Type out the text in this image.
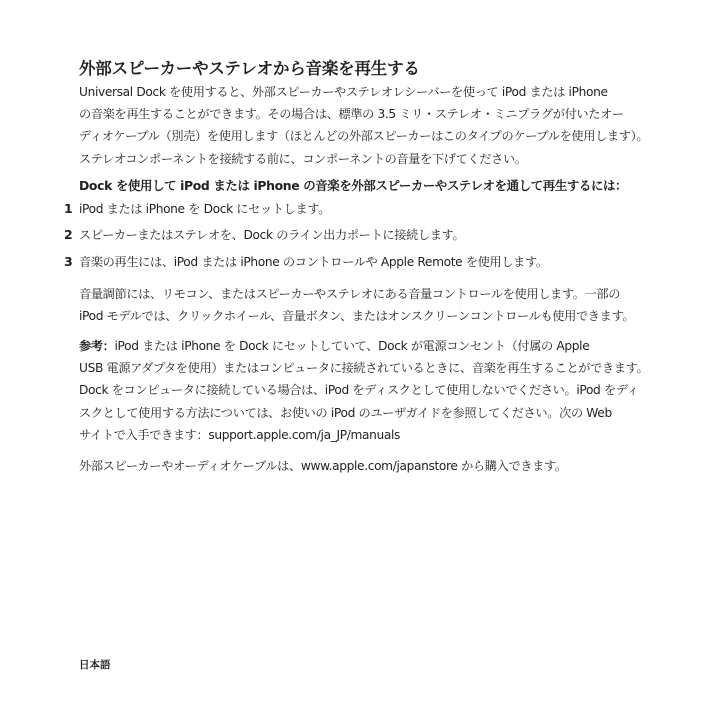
外部スピーカーやステレオから音楽を再生する
Universal Dock を使用すると、外部スピーカーやステレオレシーバーを使って iPod または iPhone
の音楽を再生することができます。その場合は、標準の 3.5 ミリ・ステレオ・ミニプラグが付いたオー
ディオケーブル（別売）を使用します（ほとんどの外部スピーカーはこのタイプのケーブルを使用します）。
ステレオコンポーネントを接続する前に、コンポーネントの音量を下げてください。
Dock を使用して iPod または iPhone の音楽を外部スピーカーやステレオを通して再生するには：
1 iPod または iPhone を Dock にセットします。
2 スピーカーまたはステレオを、Dock のライン出力ポートに接続します。
3 音楽の再生には、iPod または iPhone のコントロールや Apple Remote を使用します。
音量調節には、リモコン、またはスピーカーやステレオにある音量コントロールを使用します。一部の
iPod モデルでは、クリックホイール、音量ボタン、またはオンスクリーンコントロールも使用できます。
参考：iPod または iPhone を Dock にセットしていて、Dock が電源コンセント（付属の Apple
USB 電源アダプタを使用）またはコンピュータに接続されているときに、音楽を再生することができます。
Dock をコンピュータに接続している場合は、iPod をディスクとして使用しないでください。iPod をディ
スクとして使用する方法については、お使いの iPod のユーザガイドを参照してください。次の Web
サイトで入手できます：support.apple.com/ja_JP/manuals
外部スピーカーやオーディオケーブルは、www.apple.com/japanstore から購入できます。
日本語
